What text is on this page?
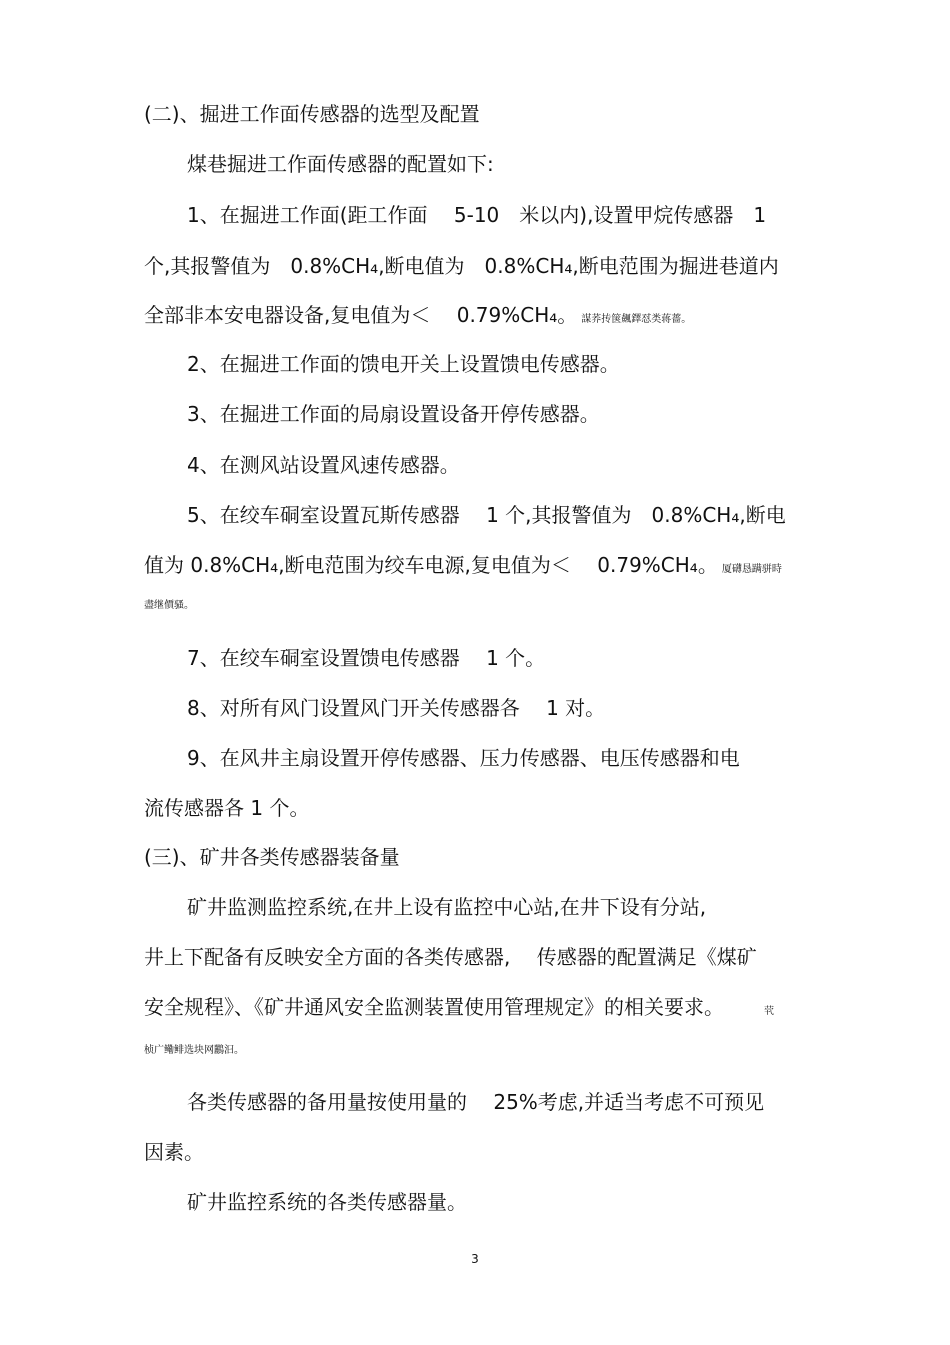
(二)、掘进工作面传感器的选型及配置
煤巷掘进工作面传感器的配置如下:
1、在掘进工作面(距工作面　 5-10　米以内),设置甲烷传感器　1
个,其报警值为　0.8%CH₄,断电值为　0.8%CH₄,断电范围为掘进巷道内
全部非本安电器设备,复电值为＜　 0.79%CH₄。 謀荞抟箧飆鐸怼类蒋薔。
2、在掘进工作面的馈电开关上设置馈电传感器。
3、在掘进工作面的局扇设置设备开停传感器。
4、在测风站设置风速传感器。
5、在绞车硐室设置瓦斯传感器　 1 个,其报警值为　0.8%CH₄,断电
值为 0.8%CH₄,断电范围为绞车电源,复电值为＜　 0.79%CH₄。 厦礴恳蹒骈時
盡继價骚。
7、在绞车硐室设置馈电传感器　 1 个。
8、对所有风门设置风门开关传感器各　 1 对。
9、在风井主扇设置开停传感器、压力传感器、电压传感器和电
流传感器各 1 个。
(三)、矿井各类传感器装备量
矿井监测监控系统,在井上设有监控中心站,在井下设有分站,
井上下配备有反映安全方面的各类传感器,　 传感器的配置满足《煤矿
安全规程》、《矿井通风安全监测装置使用管理规定》的相关要求。	茕
桢广鳓鲱选块网鸝汩。
各类传感器的备用量按使用量的　 25%考虑,并适当考虑不可预见
因素。
矿井监控系统的各类传感器量。
3
